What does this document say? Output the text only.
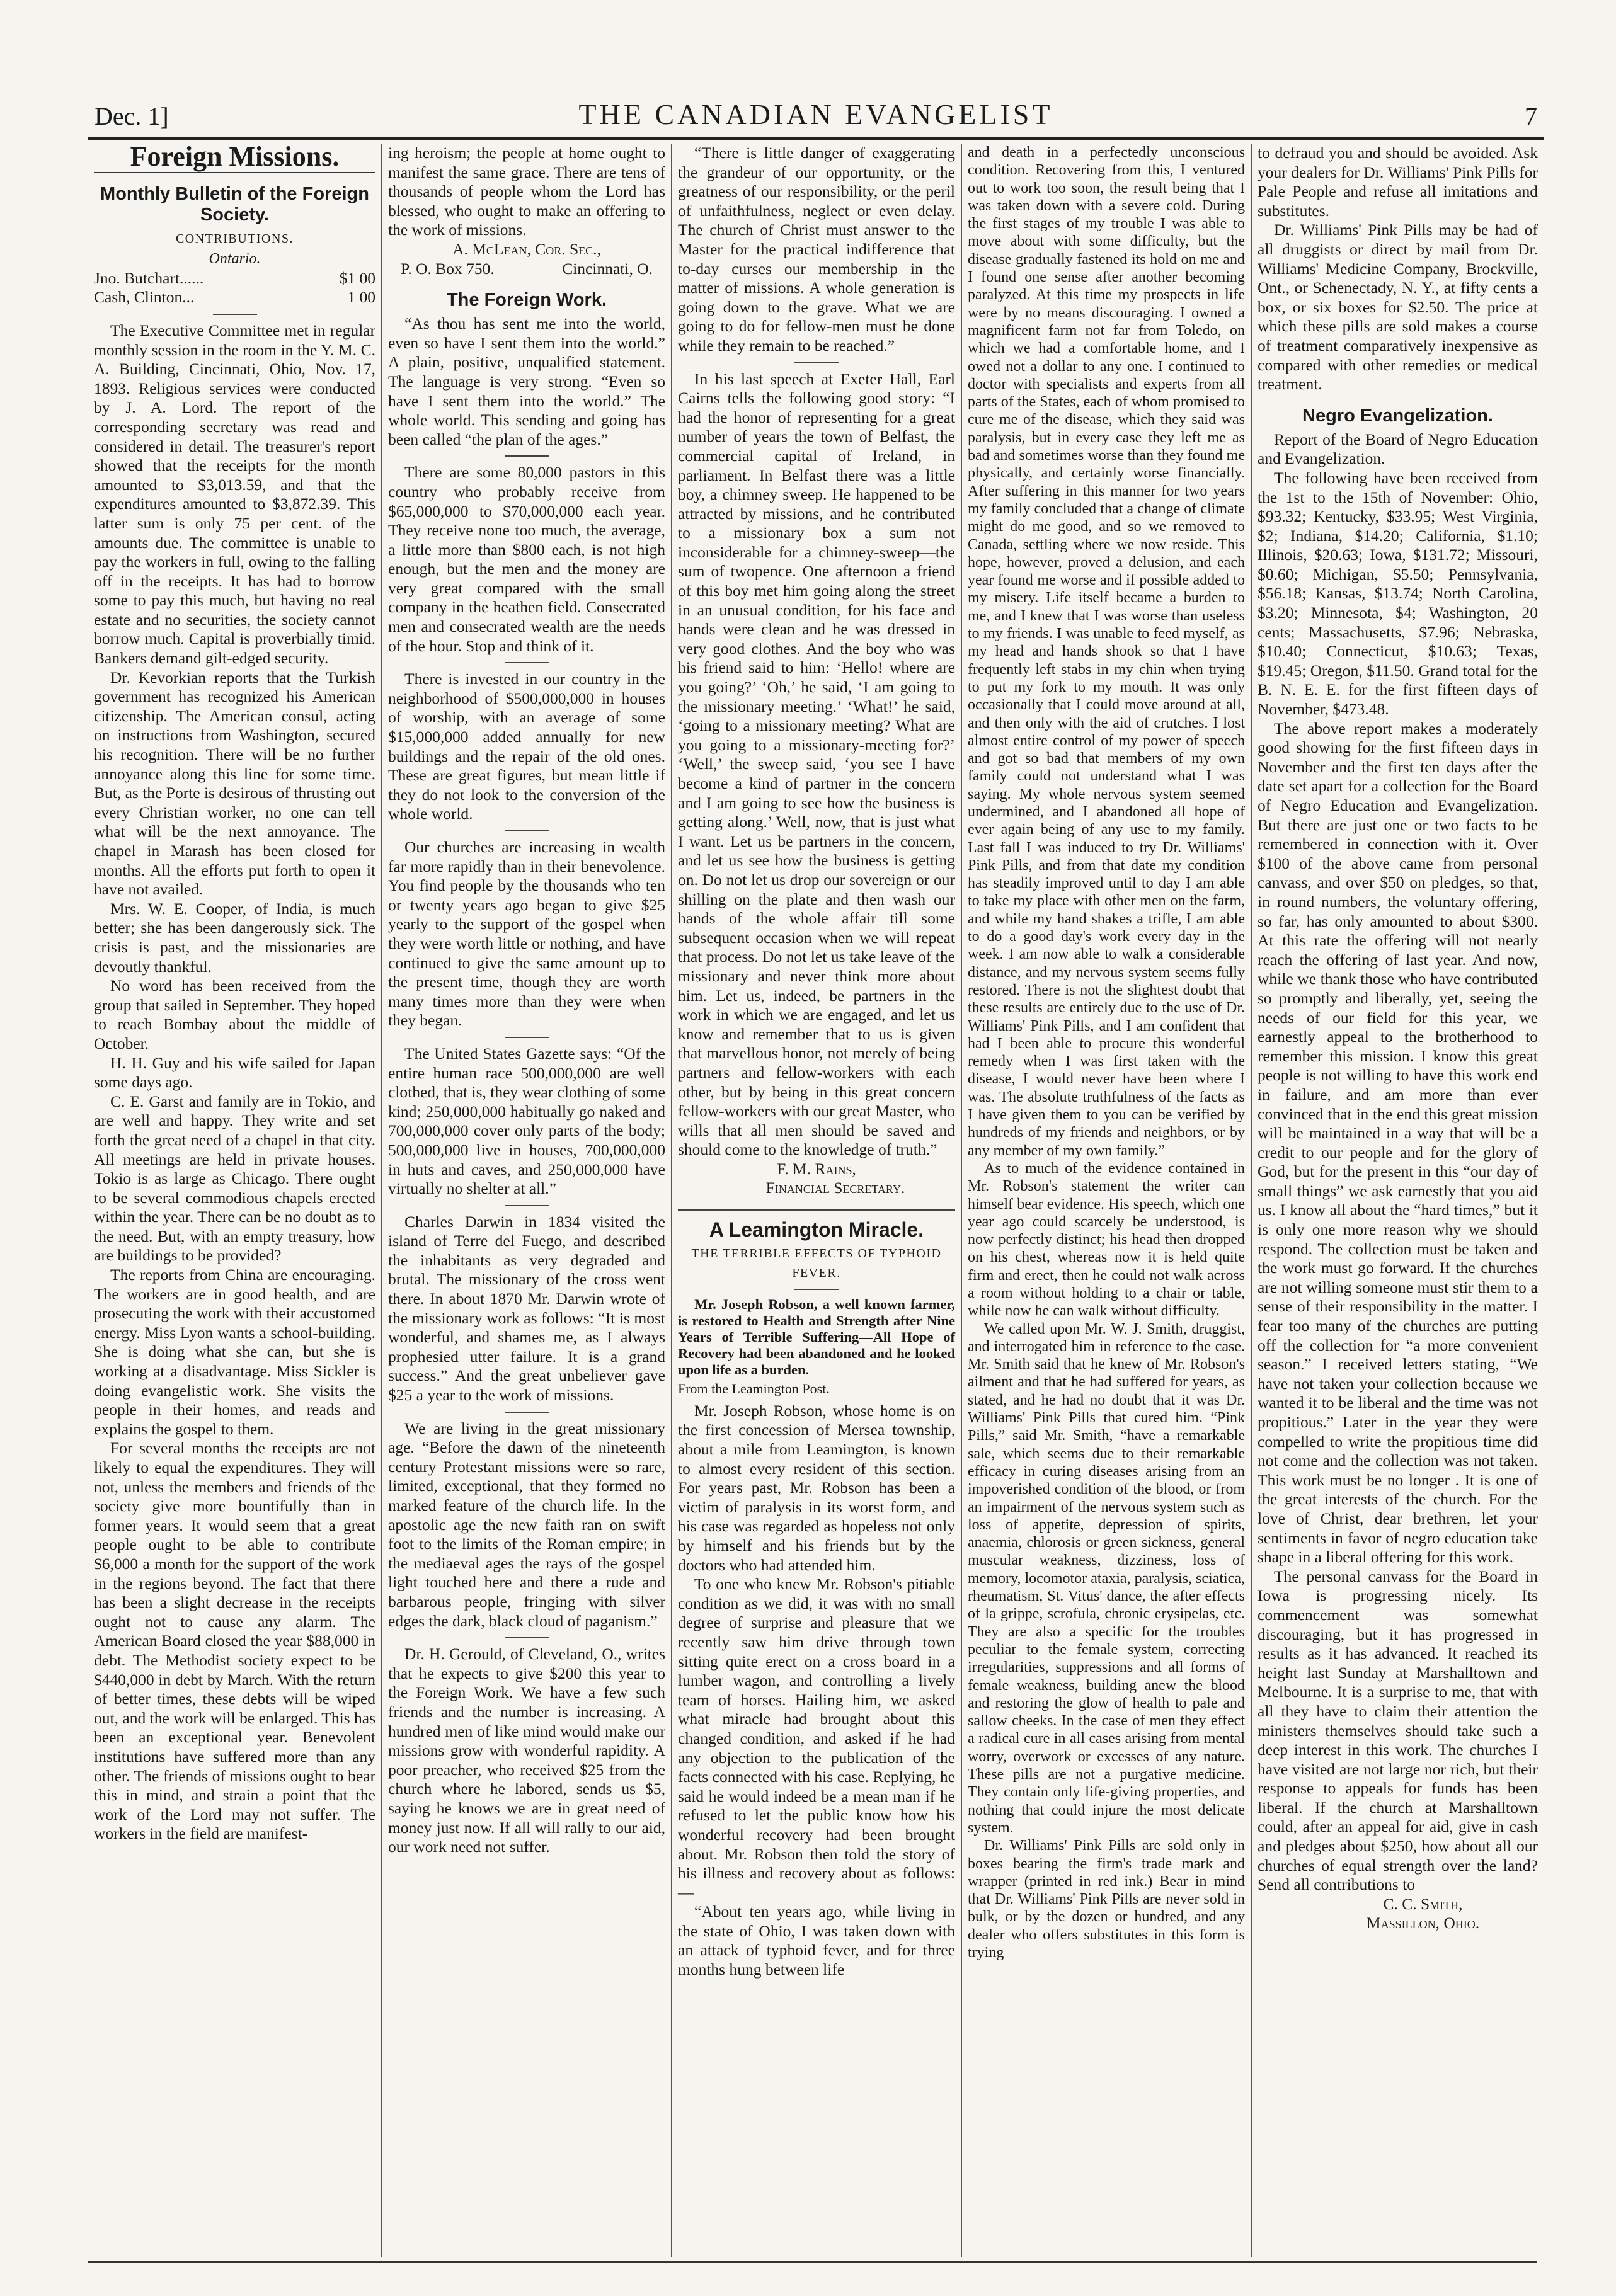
Dec. 1]	THE CANADIAN EVANGELIST	7
Foreign Missions.
Monthly Bulletin of the Foreign Society.
CONTRIBUTIONS.
Ontario.
Jno. Butchart......	$1 00
Cash, Clinton...	1 00

The Executive Committee met in regular monthly session in the room in the Y. M. C. A. Building, Cincinnati, Ohio, Nov. 17, 1893. Religious services were conducted by J. A. Lord. The report of the corresponding secretary was read and considered in detail. The treasurer's report showed that the receipts for the month amounted to $3,013.59, and that the expenditures amounted to $3,872.39. This latter sum is only 75 per cent. of the amounts due. The committee is unable to pay the workers in full, owing to the falling off in the receipts. It has had to borrow some to pay this much, but having no real estate and no securities, the society cannot borrow much. Capital is proverbially timid. Bankers demand gilt-edged security.

Dr. Kevorkian reports that the Turkish government has recognized his American citizenship. The American consul, acting on instructions from Washington, secured his recognition. There will be no further annoyance along this line for some time. But, as the Porte is desirous of thrusting out every Christian worker, no one can tell what will be the next annoyance. The chapel in Marash has been closed for months. All the efforts put forth to open it have not availed.

Mrs. W. E. Cooper, of India, is much better; she has been dangerously sick. The crisis is past, and the missionaries are devoutly thankful.

No word has been received from the group that sailed in September. They hoped to reach Bombay about the middle of October.

H. H. Guy and his wife sailed for Japan some days ago.

C. E. Garst and family are in Tokio, and are well and happy. They write and set forth the great need of a chapel in that city. All meetings are held in private houses. Tokio is as large as Chicago. There ought to be several commodious chapels erected within the year. There can be no doubt as to the need. But, with an empty treasury, how are buildings to be provided?

The reports from China are encouraging. The workers are in good health, and are prosecuting the work with their accustomed energy. Miss Lyon wants a school-building. She is doing what she can, but she is working at a disadvantage. Miss Sickler is doing evangelistic work. She visits the people in their homes, and reads and explains the gospel to them.

For several months the receipts are not likely to equal the expenditures. They will not, unless the members and friends of the society give more bountifully than in former years. It would seem that a great people ought to be able to contribute $6,000 a month for the support of the work in the regions beyond. The fact that there has been a slight decrease in the receipts ought not to cause any alarm. The American Board closed the year $88,000 in debt. The Methodist society expect to be $440,000 in debt by March. With the return of better times, these debts will be wiped out, and the work will be enlarged. This has been an exceptional year. Benevolent institutions have suffered more than any other. The friends of missions ought to bear this in mind, and strain a point that the work of the Lord may not suffer. The workers in the field are manifest-

ing heroism; the people at home ought to manifest the same grace. There are tens of thousands of people whom the Lord has blessed, who ought to make an offering to the work of missions.

A. McLean, Cor. Sec.,
P. O. Box 750.	Cincinnati, O.
The Foreign Work.

“As thou has sent me into the world, even so have I sent them into the world.” A plain, positive, unqualified statement. The language is very strong. “Even so have I sent them into the world.” The whole world. This sending and going has been called “the plan of the ages.”

There are some 80,000 pastors in this country who probably receive from $65,000,000 to $70,000,000 each year. They receive none too much, the average, a little more than $800 each, is not high enough, but the men and the money are very great compared with the small company in the heathen field. Consecrated men and consecrated wealth are the needs of the hour. Stop and think of it.

There is invested in our country in the neighborhood of $500,000,000 in houses of worship, with an average of some $15,000,000 added annually for new buildings and the repair of the old ones. These are great figures, but mean little if they do not look to the conversion of the whole world.

Our churches are increasing in wealth far more rapidly than in their benevolence. You find people by the thousands who ten or twenty years ago began to give $25 yearly to the support of the gospel when they were worth little or nothing, and have continued to give the same amount up to the present time, though they are worth many times more than they were when they began.

The United States Gazette says: “Of the entire human race 500,000,000 are well clothed, that is, they wear clothing of some kind; 250,000,000 habitually go naked and 700,000,000 cover only parts of the body; 500,000,000 live in houses, 700,000,000 in huts and caves, and 250,000,000 have virtually no shelter at all.”

Charles Darwin in 1834 visited the island of Terre del Fuego, and described the inhabitants as very degraded and brutal. The missionary of the cross went there. In about 1870 Mr. Darwin wrote of the missionary work as follows: “It is most wonderful, and shames me, as I always prophesied utter failure. It is a grand success.” And the great unbeliever gave $25 a year to the work of missions.

We are living in the great missionary age. “Before the dawn of the nineteenth century Protestant missions were so rare, limited, exceptional, that they formed no marked feature of the church life. In the apostolic age the new faith ran on swift foot to the limits of the Roman empire; in the mediaeval ages the rays of the gospel light touched here and there a rude and barbarous people, fringing with silver edges the dark, black cloud of paganism.”

Dr. H. Gerould, of Cleveland, O., writes that he expects to give $200 this year to the Foreign Work. We have a few such friends and the number is increasing. A hundred men of like mind would make our missions grow with wonderful rapidity. A poor preacher, who received $25 from the church where he labored, sends us $5, saying he knows we are in great need of money just now. If all will rally to our aid, our work need not suffer.

“There is little danger of exaggerating the grandeur of our opportunity, or the greatness of our responsibility, or the peril of unfaithfulness, neglect or even delay. The church of Christ must answer to the Master for the practical indifference that to-day curses our membership in the matter of missions. A whole generation is going down to the grave. What we are going to do for fellow-men must be done while they remain to be reached.”

In his last speech at Exeter Hall, Earl Cairns tells the following good story: “I had the honor of representing for a great number of years the town of Belfast, the commercial capital of Ireland, in parliament. In Belfast there was a little boy, a chimney sweep. He happened to be attracted by missions, and he contributed to a missionary box a sum not inconsiderable for a chimney-sweep—the sum of twopence. One afternoon a friend of this boy met him going along the street in an unusual condition, for his face and hands were clean and he was dressed in very good clothes. And the boy who was his friend said to him: ‘Hello! where are you going?’ ‘Oh,’ he said, ‘I am going to the missionary meeting.’ ‘What!’ he said, ‘going to a missionary meeting? What are you going to a missionary-meeting for?’ ‘Well,’ the sweep said, ‘you see I have become a kind of partner in the concern and I am going to see how the business is getting along.’ Well, now, that is just what I want. Let us be partners in the concern, and let us see how the business is getting on. Do not let us drop our sovereign or our shilling on the plate and then wash our hands of the whole affair till some subsequent occasion when we will repeat that process. Do not let us take leave of the missionary and never think more about him. Let us, indeed, be partners in the work in which we are engaged, and let us know and remember that to us is given that marvellous honor, not merely of being partners and fellow-workers with each other, but by being in this great concern fellow-workers with our great Master, who wills that all men should be saved and should come to the knowledge of truth.”

F. M. Rains,
Financial Secretary.
A Leamington Miracle.
THE TERRIBLE EFFECTS OF TYPHOID FEVER.

Mr. Joseph Robson, a well known farmer, is restored to Health and Strength after Nine Years of Terrible Suffering—All Hope of Recovery had been abandoned and he looked upon life as a burden.

From the Leamington Post.

Mr. Joseph Robson, whose home is on the first concession of Mersea township, about a mile from Leamington, is known to almost every resident of this section. For years past, Mr. Robson has been a victim of paralysis in its worst form, and his case was regarded as hopeless not only by himself and his friends but by the doctors who had attended him.

To one who knew Mr. Robson's pitiable condition as we did, it was with no small degree of surprise and pleasure that we recently saw him drive through town sitting quite erect on a cross board in a lumber wagon, and controlling a lively team of horses. Hailing him, we asked what miracle had brought about this changed condition, and asked if he had any objection to the publication of the facts connected with his case. Replying, he said he would indeed be a mean man if he refused to let the public know how his wonderful recovery had been brought about. Mr. Robson then told the story of his illness and recovery about as follows:—

“About ten years ago, while living in the state of Ohio, I was taken down with an attack of typhoid fever, and for three months hung between life

and death in a perfectedly unconscious condition. Recovering from this, I ventured out to work too soon, the result being that I was taken down with a severe cold. During the first stages of my trouble I was able to move about with some difficulty, but the disease gradually fastened its hold on me and I found one sense after another becoming paralyzed. At this time my prospects in life were by no means discouraging. I owned a magnificent farm not far from Toledo, on which we had a comfortable home, and I owed not a dollar to any one. I continued to doctor with specialists and experts from all parts of the States, each of whom promised to cure me of the disease, which they said was paralysis, but in every case they left me as bad and sometimes worse than they found me physically, and certainly worse financially. After suffering in this manner for two years my family concluded that a change of climate might do me good, and so we removed to Canada, settling where we now reside. This hope, however, proved a delusion, and each year found me worse and if possible added to my misery. Life itself became a burden to me, and I knew that I was worse than useless to my friends. I was unable to feed myself, as my head and hands shook so that I have frequently left stabs in my chin when trying to put my fork to my mouth. It was only occasionally that I could move around at all, and then only with the aid of crutches. I lost almost entire control of my power of speech and got so bad that members of my own family could not understand what I was saying. My whole nervous system seemed undermined, and I abandoned all hope of ever again being of any use to my family. Last fall I was induced to try Dr. Williams' Pink Pills, and from that date my condition has steadily improved until to day I am able to take my place with other men on the farm, and while my hand shakes a trifle, I am able to do a good day's work every day in the week. I am now able to walk a considerable distance, and my nervous system seems fully restored. There is not the slightest doubt that these results are entirely due to the use of Dr. Williams' Pink Pills, and I am confident that had I been able to procure this wonderful remedy when I was first taken with the disease, I would never have been where I was. The absolute truthfulness of the facts as I have given them to you can be verified by hundreds of my friends and neighbors, or by any member of my own family.”

As to much of the evidence contained in Mr. Robson's statement the writer can himself bear evidence. His speech, which one year ago could scarcely be understood, is now perfectly distinct; his head then dropped on his chest, whereas now it is held quite firm and erect, then he could not walk across a room without holding to a chair or table, while now he can walk without difficulty.

We called upon Mr. W. J. Smith, druggist, and interrogated him in reference to the case. Mr. Smith said that he knew of Mr. Robson's ailment and that he had suffered for years, as stated, and he had no doubt that it was Dr. Williams' Pink Pills that cured him. “Pink Pills,” said Mr. Smith, “have a remarkable sale, which seems due to their remarkable efficacy in curing diseases arising from an impoverished condition of the blood, or from an impairment of the nervous system such as loss of appetite, depression of spirits, anaemia, chlorosis or green sickness, general muscular weakness, dizziness, loss of memory, locomotor ataxia, paralysis, sciatica, rheumatism, St. Vitus' dance, the after effects of la grippe, scrofula, chronic erysipelas, etc. They are also a specific for the troubles peculiar to the female system, correcting irregularities, suppressions and all forms of female weakness, building anew the blood and restoring the glow of health to pale and sallow cheeks. In the case of men they effect a radical cure in all cases arising from mental worry, overwork or excesses of any nature. These pills are not a purgative medicine. They contain only life-giving properties, and nothing that could injure the most delicate system.

Dr. Williams' Pink Pills are sold only in boxes bearing the firm's trade mark and wrapper (printed in red ink.) Bear in mind that Dr. Williams' Pink Pills are never sold in bulk, or by the dozen or hundred, and any dealer who offers substitutes in this form is trying

to defraud you and should be avoided. Ask your dealers for Dr. Williams' Pink Pills for Pale People and refuse all imitations and substitutes.

Dr. Williams' Pink Pills may be had of all druggists or direct by mail from Dr. Williams' Medicine Company, Brockville, Ont., or Schenectady, N. Y., at fifty cents a box, or six boxes for $2.50. The price at which these pills are sold makes a course of treatment comparatively inexpensive as compared with other remedies or medical treatment.

Negro Evangelization.

Report of the Board of Negro Education and Evangelization.

The following have been received from the 1st to the 15th of November: Ohio, $93.32; Kentucky, $33.95; West Virginia, $2; Indiana, $14.20; California, $1.10; Illinois, $20.63; Iowa, $131.72; Missouri, $0.60; Michigan, $5.50; Pennsylvania, $56.18; Kansas, $13.74; North Carolina, $3.20; Minnesota, $4; Washington, 20 cents; Massachusetts, $7.96; Nebraska, $10.40; Connecticut, $10.63; Texas, $19.45; Oregon, $11.50. Grand total for the B. N. E. E. for the first fifteen days of November, $473.48.

The above report makes a moderately good showing for the first fifteen days in November and the first ten days after the date set apart for a collection for the Board of Negro Education and Evangelization. But there are just one or two facts to be remembered in connection with it. Over $100 of the above came from personal canvass, and over $50 on pledges, so that, in round numbers, the voluntary offering, so far, has only amounted to about $300. At this rate the offering will not nearly reach the offering of last year. And now, while we thank those who have contributed so promptly and liberally, yet, seeing the needs of our field for this year, we earnestly appeal to the brotherhood to remember this mission. I know this great people is not willing to have this work end in failure, and am more than ever convinced that in the end this great mission will be maintained in a way that will be a credit to our people and for the glory of God, but for the present in this “our day of small things” we ask earnestly that you aid us. I know all about the “hard times,” but it is only one more reason why we should respond. The collection must be taken and the work must go forward. If the churches are not willing someone must stir them to a sense of their responsibility in the matter. I fear too many of the churches are putting off the collection for “a more convenient season.” I received letters stating, “We have not taken your collection because we wanted it to be liberal and the time was not propitious.” Later in the year they were compelled to write the propitious time did not come and the collection was not taken. This work must be no longer . It is one of the great interests of the church. For the love of Christ, dear brethren, let your sentiments in favor of negro education take shape in a liberal offering for this work.

The personal canvass for the Board in Iowa is progressing nicely. Its commencement was somewhat discouraging, but it has progressed in results as it has advanced. It reached its height last Sunday at Marshalltown and Melbourne. It is a surprise to me, that with all they have to claim their attention the ministers themselves should take such a deep interest in this work. The churches I have visited are not large nor rich, but their response to appeals for funds has been liberal. If the church at Marshalltown could, after an appeal for aid, give in cash and pledges about $250, how about all our churches of equal strength over the land? Send all contributions to

C. C. Smith,
Massillon, Ohio.
